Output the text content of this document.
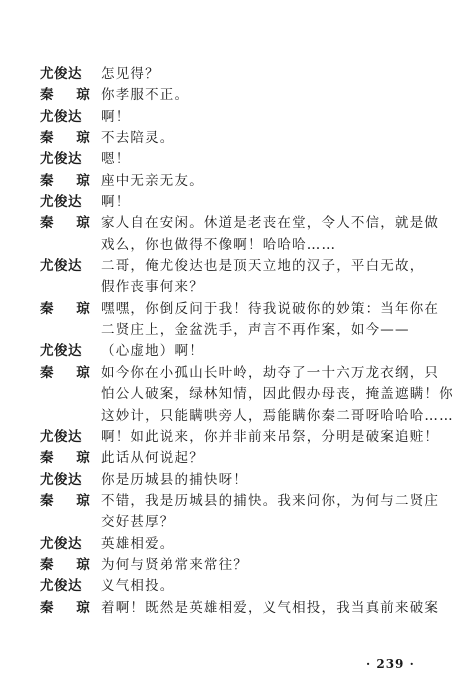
尤俊达	怎见得？
秦 琼 你孝服不正。
尤俊达	啊！
秦 琼 不去陪灵。
尤俊达	嗯！
秦 琼 座中无亲无友。
尤俊达	啊！
秦 琼 家人自在安闲。休道是老丧在堂，令人不信，就是做
戏么，你也做得不像啊！哈哈哈……
尤俊达	二哥，俺尤俊达也是顶天立地的汉子，平白无故，
假作丧事何来？
秦 琼 嘿嘿，你倒反问于我！待我说破你的妙策：当年你在
二贤庄上，金盆洗手，声言不再作案，如今——
尤俊达	（心虚地）啊！
秦 琼 如今你在小孤山长叶岭，劫夺了一十六万龙衣纲，只
怕公人破案，绿林知情，因此假办母丧，掩盖遮瞒！你
这妙计，只能瞒哄旁人，焉能瞒你秦二哥呀哈哈哈……
尤俊达	啊！如此说来，你并非前来吊祭，分明是破案追赃！
秦 琼 此话从何说起？
尤俊达	你是历城县的捕快呀！
秦 琼 不错，我是历城县的捕快。我来问你，为何与二贤庄
交好甚厚？
尤俊达	英雄相爱。
秦 琼 为何与贤弟常来常往？
尤俊达	义气相投。
秦 琼 着啊！既然是英雄相爱，义气相投，我当真前来破案
· 239 ·
